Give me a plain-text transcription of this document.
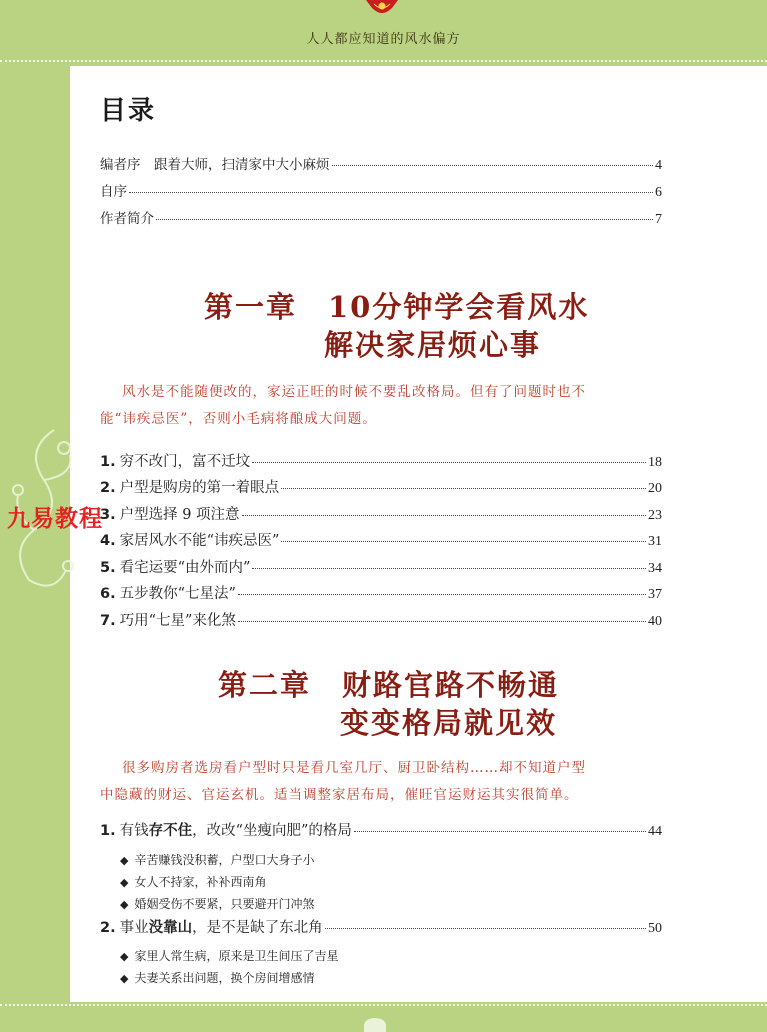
人人都应知道的风水偏方
九易教程
目录
编者序　跟着大师，扫清家中大小麻烦	4
自序	6
作者简介	7
第一章　10分钟学会看风水
解决家居烦心事
风水是不能随便改的，家运正旺的时候不要乱改格局。但有了问题时也不
能“讳疾忌医”，否则小毛病将酿成大问题。
1. 穷不改门，富不迁坟	18
2. 户型是购房的第一着眼点	20
3. 户型选择 9 项注意	23
4. 家居风水不能“讳疾忌医”	31
5. 看宅运要“由外而内”	34
6. 五步教你“七星法”	37
7. 巧用“七星”来化煞	40
第二章　财路官路不畅通
变变格局就见效
很多购房者选房看户型时只是看几室几厅、厨卫卧结构……却不知道户型
中隐藏的财运、官运玄机。适当调整家居布局，催旺官运财运其实很简单。
1. 有钱 存不住 ，改改“坐瘦向肥”的格局	44
◆ 辛苦赚钱没积蓄，户型口大身子小
◆ 女人不持家，补补西南角
◆ 婚姻受伤不要紧，只要避开门冲煞
2. 事业 没靠山 ，是不是缺了东北角	50
◆ 家里人常生病，原来是卫生间压了吉星
◆ 夫妻关系出问题，换个房间增感情
